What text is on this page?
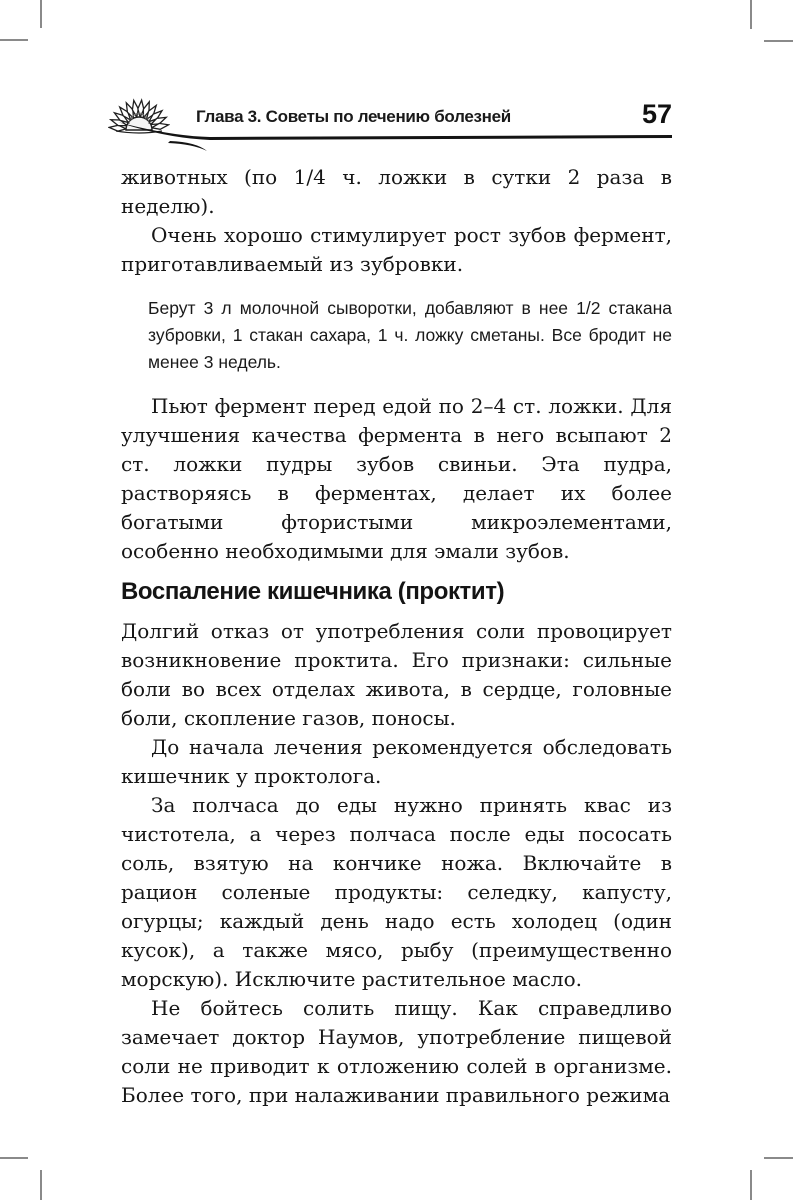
Глава 3. Советы по лечению болезней	57

животных (по 1/4 ч. ложки в сутки 2 раза в неделю).

Очень хорошо стимулирует рост зубов фермент, приготавливаемый из зубровки.

Берут 3 л молочной сыворотки, добавляют в нее 1/2 стакана зубровки, 1 стакан сахара, 1 ч. ложку сметаны. Все бродит не менее 3 недель.

Пьют фермент перед едой по 2–4 ст. ложки. Для улучшения качества фермента в него всыпают 2 ст. ложки пудры зубов свиньи. Эта пудра, растворяясь в ферментах, делает их более богатыми фтористыми микроэлементами, особенно необходимыми для эмали зубов.

Воспаление кишечника (проктит)

Долгий отказ от употребления соли провоцирует возникновение проктита. Его признаки: сильные боли во всех отделах живота, в сердце, головные боли, скопление газов, поносы.

До начала лечения рекомендуется обследовать кишечник у проктолога.

За полчаса до еды нужно принять квас из чистотела, а через полчаса после еды пососать соль, взятую на кончике ножа. Включайте в рацион соленые продукты: селедку, капусту, огурцы; каждый день надо есть холодец (один кусок), а также мясо, рыбу (преимущественно морскую). Исключите растительное масло.

Не бойтесь солить пищу. Как справедливо замечает доктор Наумов, употребление пищевой соли не приводит к отложению солей в организме. Более того, при налаживании правильного режима
